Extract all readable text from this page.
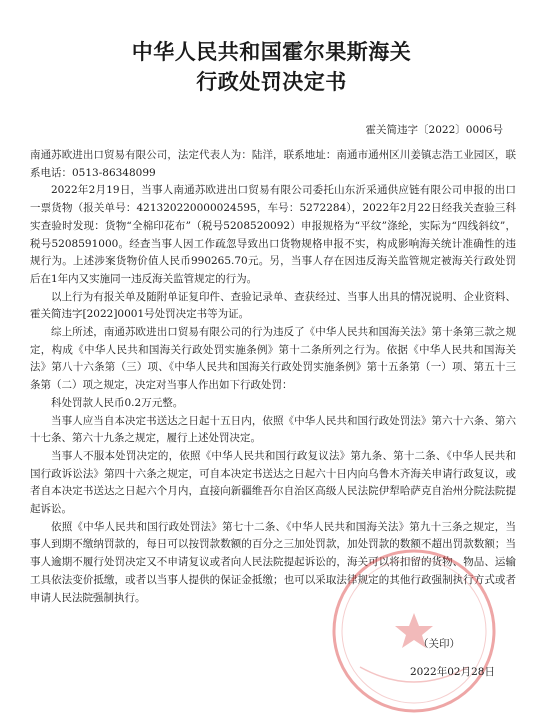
中华人民共和国霍尔果斯海关
行政处罚决定书
霍关简违字〔2022〕0006号

南通苏欧进出口贸易有限公司，法定代表人为：陆洋，联系地址：南通市通州区川姜镇志浩工业园区，联系电话：0513-86348099

2022年2月19日，当事人南通苏欧进出口贸易有限公司委托山东沂采通供应链有限公司申报的出口一票货物（报关单号：421320220000024595，车号：5272284），2022年2月22日经我关查验三科实查验时发现：货物“全棉印花布”（税号5208520092）申报规格为“平纹”涤纶，实际为“四线斜纹”，税号5208591000。经查当事人因工作疏忽导致出口货物规格申报不实，构成影响海关统计准确性的违规行为。上述涉案货物价值人民币990265.70元。另，当事人存在因违反海关监管规定被海关行政处罚后在1年内又实施同一违反海关监管规定的行为。

以上行为有报关单及随附单证复印件、查验记录单、查获经过、当事人出具的情况说明、企业资料、霍关简违字[2022]0001号处罚决定书等为证。

综上所述，南通苏欧进出口贸易有限公司的行为违反了《中华人民共和国海关法》第十条第三款之规定，构成《中华人民共和国海关行政处罚实施条例》第十二条所列之行为。依据《中华人民共和国海关法》第八十六条第（三）项、《中华人民共和国海关行政处罚实施条例》第十五条第（一）项、第五十三条第（二）项之规定，决定对当事人作出如下行政处罚：

科处罚款人民币0.2万元整。

当事人应当自本决定书送达之日起十五日内，依照《中华人民共和国行政处罚法》第六十六条、第六十七条、第六十九条之规定，履行上述处罚决定。

当事人不服本处罚决定的，依照《中华人民共和国行政复议法》第九条、第十二条、《中华人民共和国行政诉讼法》第四十六条之规定，可自本决定书送达之日起六十日内向乌鲁木齐海关申请行政复议，或者自本决定书送达之日起六个月内，直接向新疆维吾尔自治区高级人民法院伊犁哈萨克自治州分院法院提起诉讼。

依照《中华人民共和国行政处罚法》第七十二条、《中华人民共和国海关法》第九十三条之规定，当事人到期不缴纳罚款的，每日可以按罚款数额的百分之三加处罚款，加处罚款的数额不超出罚款数额；当事人逾期不履行处罚决定又不申请复议或者向人民法院提起诉讼的，海关可以将扣留的货物、物品、运输工具依法变价抵缴，或者以当事人提供的保证金抵缴；也可以采取法律规定的其他行政强制执行方式或者申请人民法院强制执行。

（关印）
2022年02月28日
